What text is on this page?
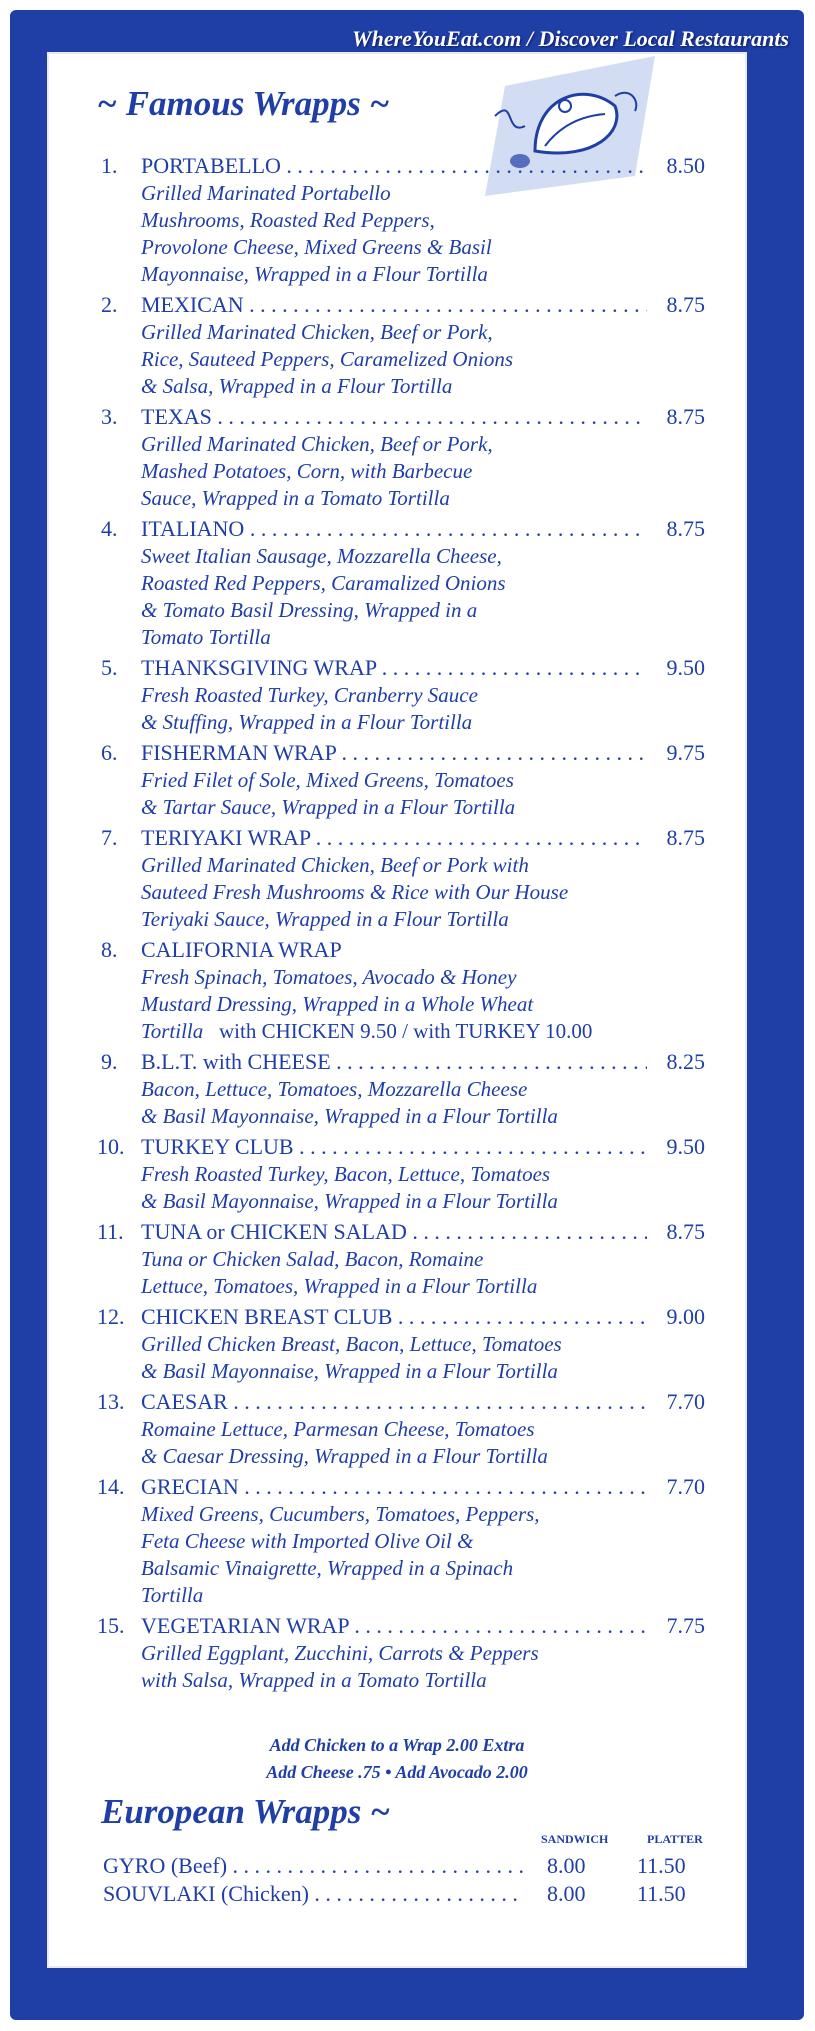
WhereYouEat.com / Discover Local Restaurants
~ Famous Wrapps ~
1. PORTABELLO . . .	8.50
Grilled Marinated Portabello
Mushrooms, Roasted Red Peppers,
Provolone Cheese, Mixed Greens & Basil
Mayonnaise, Wrapped in a Flour Tortilla
2. MEXICAN . . .	8.75
Grilled Marinated Chicken, Beef or Pork,
Rice, Sauteed Peppers, Caramelized Onions
& Salsa, Wrapped in a Flour Tortilla
3. TEXAS . . .	8.75
Grilled Marinated Chicken, Beef or Pork,
Mashed Potatoes, Corn, with Barbecue
Sauce, Wrapped in a Tomato Tortilla
4. ITALIANO . . .	8.75
Sweet Italian Sausage, Mozzarella Cheese,
Roasted Red Peppers, Caramalized Onions
& Tomato Basil Dressing, Wrapped in a
Tomato Tortilla
5. THANKSGIVING WRAP . . .	9.50
Fresh Roasted Turkey, Cranberry Sauce
& Stuffing, Wrapped in a Flour Tortilla
6. FISHERMAN WRAP . . .	9.75
Fried Filet of Sole, Mixed Greens, Tomatoes
& Tartar Sauce, Wrapped in a Flour Tortilla
7. TERIYAKI WRAP . . .	8.75
Grilled Marinated Chicken, Beef or Pork with
Sauteed Fresh Mushrooms & Rice with Our House
Teriyaki Sauce, Wrapped in a Flour Tortilla
8. CALIFORNIA WRAP
Fresh Spinach, Tomatoes, Avocado & Honey
Mustard Dressing, Wrapped in a Whole Wheat
Tortilla with CHICKEN 9.50 / with TURKEY 10.00
9. B.L.T. with CHEESE . . .	8.25
Bacon, Lettuce, Tomatoes, Mozzarella Cheese
& Basil Mayonnaise, Wrapped in a Flour Tortilla
10. TURKEY CLUB . . .	9.50
Fresh Roasted Turkey, Bacon, Lettuce, Tomatoes
& Basil Mayonnaise, Wrapped in a Flour Tortilla
11. TUNA or CHICKEN SALAD . . .	8.75
Tuna or Chicken Salad, Bacon, Romaine
Lettuce, Tomatoes, Wrapped in a Flour Tortilla
12. CHICKEN BREAST CLUB . . .	9.00
Grilled Chicken Breast, Bacon, Lettuce, Tomatoes
& Basil Mayonnaise, Wrapped in a Flour Tortilla
13. CAESAR . . .	7.70
Romaine Lettuce, Parmesan Cheese, Tomatoes
& Caesar Dressing, Wrapped in a Flour Tortilla
14. GRECIAN . . .	7.70
Mixed Greens, Cucumbers, Tomatoes, Peppers,
Feta Cheese with Imported Olive Oil &
Balsamic Vinaigrette, Wrapped in a Spinach
Tortilla
15. VEGETARIAN WRAP . . .	7.75
Grilled Eggplant, Zucchini, Carrots & Peppers
with Salsa, Wrapped in a Tomato Tortilla
Add Chicken to a Wrap 2.00 Extra
Add Cheese .75 • Add Avocado 2.00
European Wrapps ~
SANDWICH	PLATTER
GYRO (Beef) . . .	8.00 11.50
SOUVLAKI (Chicken) . . .	8.00 11.50
Platters are Served with French Fries or Rice & Greek Salad
